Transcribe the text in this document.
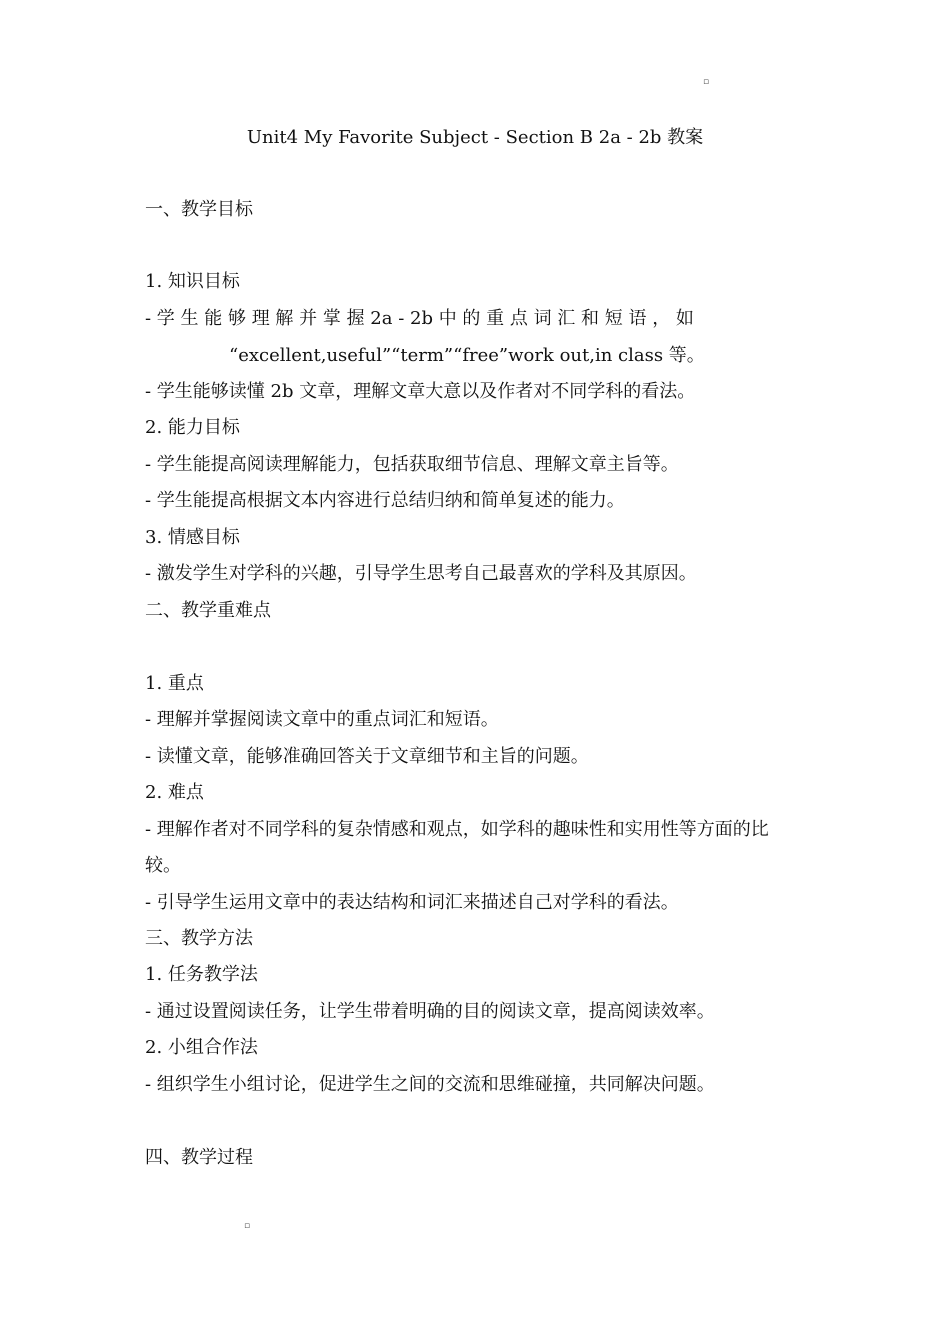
▫
Unit4 My Favorite Subject - Section B 2a - 2b 教案
一、教学目标
1. 知识目标
- 学 生 能 够 理 解 并 掌 握 2a - 2b 中 的 重 点 词 汇 和 短 语 ， 如
“excellent,useful”“term”“free”work out,in class 等。
- 学生能够读懂 2b 文章，理解文章大意以及作者对不同学科的看法。
2. 能力目标
- 学生能提高阅读理解能力，包括获取细节信息、理解文章主旨等。
- 学生能提高根据文本内容进行总结归纳和简单复述的能力。
3. 情感目标
- 激发学生对学科的兴趣，引导学生思考自己最喜欢的学科及其原因。
二、教学重难点
1. 重点
- 理解并掌握阅读文章中的重点词汇和短语。
- 读懂文章，能够准确回答关于文章细节和主旨的问题。
2. 难点
- 理解作者对不同学科的复杂情感和观点，如学科的趣味性和实用性等方面的比
较。
- 引导学生运用文章中的表达结构和词汇来描述自己对学科的看法。
三、教学方法
1. 任务教学法
- 通过设置阅读任务，让学生带着明确的目的阅读文章，提高阅读效率。
2. 小组合作法
- 组织学生小组讨论，促进学生之间的交流和思维碰撞，共同解决问题。
四、教学过程
▫
